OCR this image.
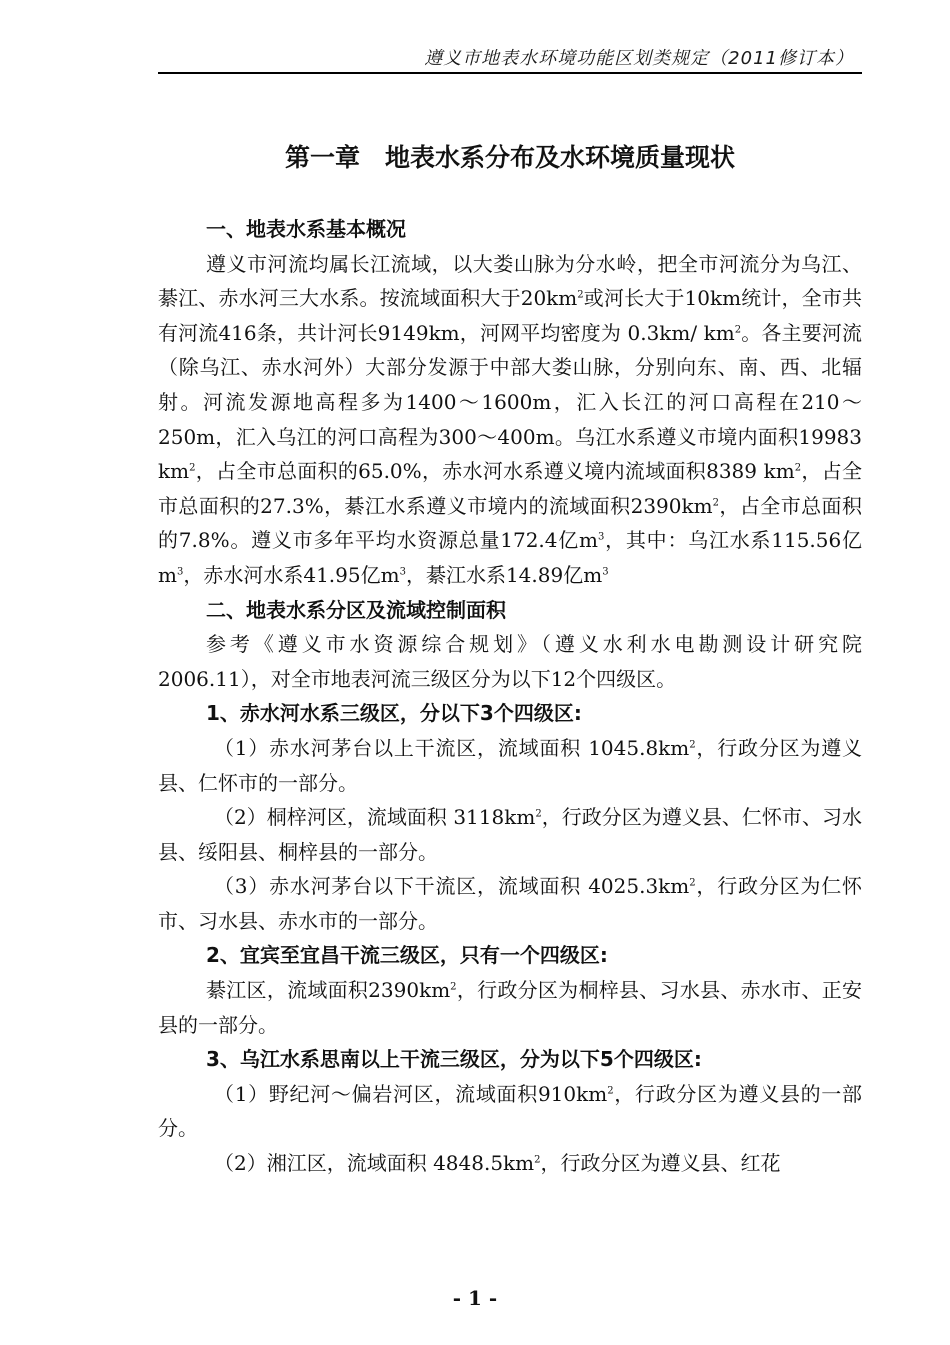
遵义市地表水环境功能区划类规定（2011修订本）
第一章　地表水系分布及水环境质量现状

一、地表水系基本概况

遵义市河流均属长江流域，以大娄山脉为分水岭，把全市河流分为乌江、綦江、赤水河三大水系。按流域面积大于$20km^2$或河长大于10km统计，全市共有河流416条，共计河长9149km，河网平均密度为 0.3km/ $km^2$。各主要河流（除乌江、赤水河外）大部分发源于中部大娄山脉，分别向东、南、西、北辐射。河流发源地高程多为1400～1600m，汇入长江的河口高程在210～250m，汇入乌江的河口高程为300～400m。乌江水系遵义市境内面积19983 $km^2$，占全市总面积的65.0%，赤水河水系遵义境内流域面积8389 $km^2$，占全市总面积的27.3%，綦江水系遵义市境内的流域面积$2390km^2$，占全市总面积的7.8%。遵义市多年平均水资源总量172.4亿$m^3$，其中：乌江水系115.56亿$m^3$，赤水河水系41.95亿$m^3$，綦江水系14.89亿$m^3$

二、地表水系分区及流域控制面积

参考《遵义市水资源综合规划》（遵义水利水电勘测设计研究院2006.11），对全市地表河流三级区分为以下12个四级区。

1、赤水河水系三级区，分以下3个四级区:

（1）赤水河茅台以上干流区，流域面积 $1045.8km^2$，行政分区为遵义县、仁怀市的一部分。

（2）桐梓河区，流域面积 $3118km^2$，行政分区为遵义县、仁怀市、习水县、绥阳县、桐梓县的一部分。

（3）赤水河茅台以下干流区，流域面积 $4025.3km^2$，行政分区为仁怀市、习水县、赤水市的一部分。

2、宜宾至宜昌干流三级区，只有一个四级区:

綦江区，流域面积$2390km^2$，行政分区为桐梓县、习水县、赤水市、正安县的一部分。

3、乌江水系思南以上干流三级区，分为以下5个四级区:

（1）野纪河～偏岩河区，流域面积$910km^2$，行政分区为遵义县的一部分。

（2）湘江区，流域面积 $4848.5km^2$，行政分区为遵义县、红花

- 1 -
